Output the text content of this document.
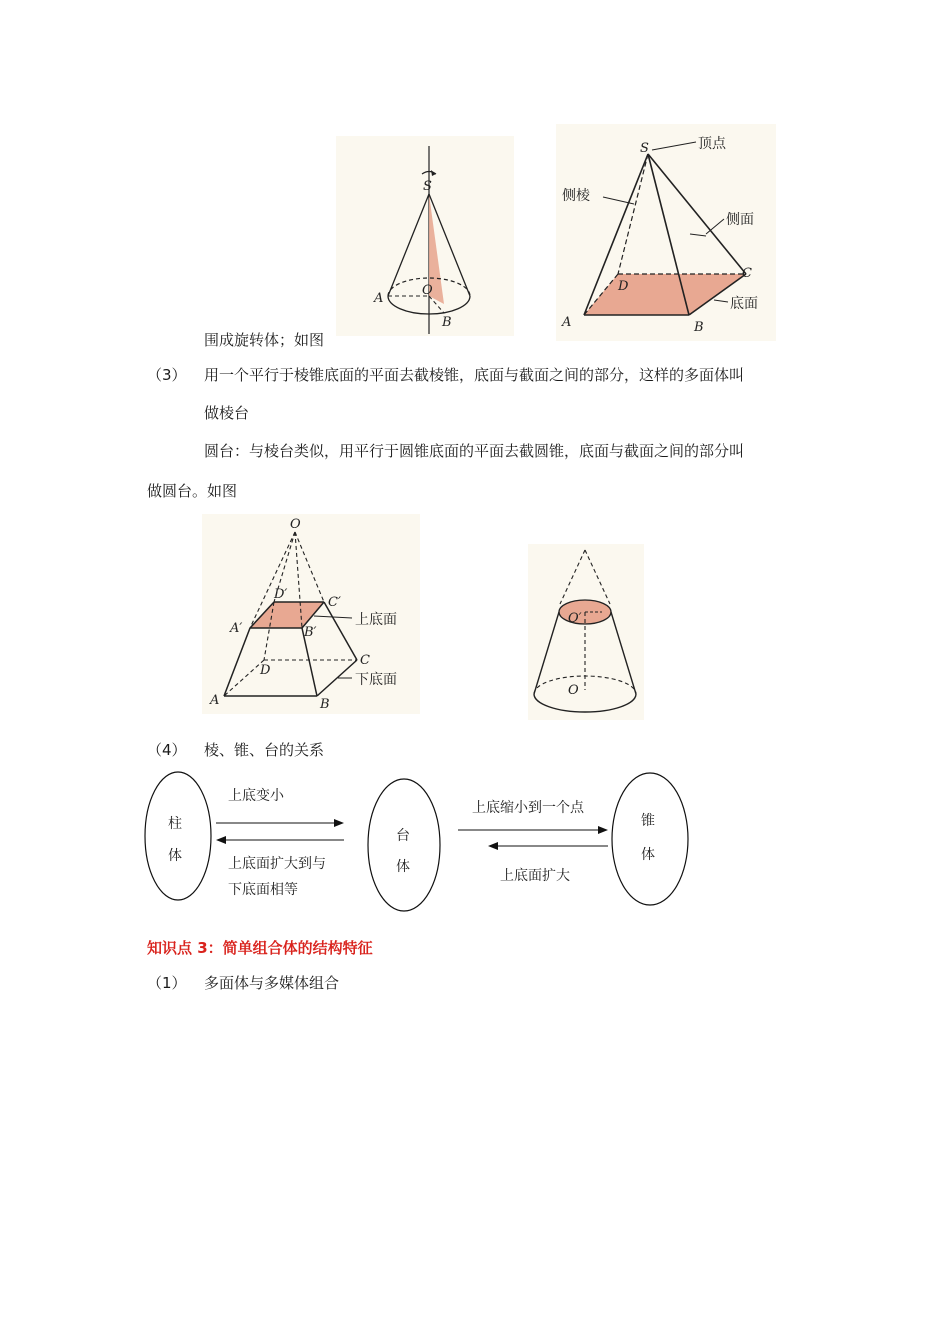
S
A
O
B
S
A	B
C
D
顶点
侧棱
侧面
底面
围成旋转体；如图
（3） 用一个平行于棱锥底面的平面去截棱锥，底面与截面之间的部分，这样的多面体叫
做棱台
圆台：与棱台类似，用平行于圆锥底面的平面去截圆锥，底面与截面之间的部分叫
做圆台。如图
O
A	B
C
D
A′	B′
C′
D′
上底面
下底面
O′
O
（4） 棱、锥、台的关系
柱
体
台
体
锥
体
上底变小
上底面扩大到与
下底面相等
上底缩小到一个点
上底面扩大
知识点 3：简单组合体的结构特征
（1） 多面体与多媒体组合
